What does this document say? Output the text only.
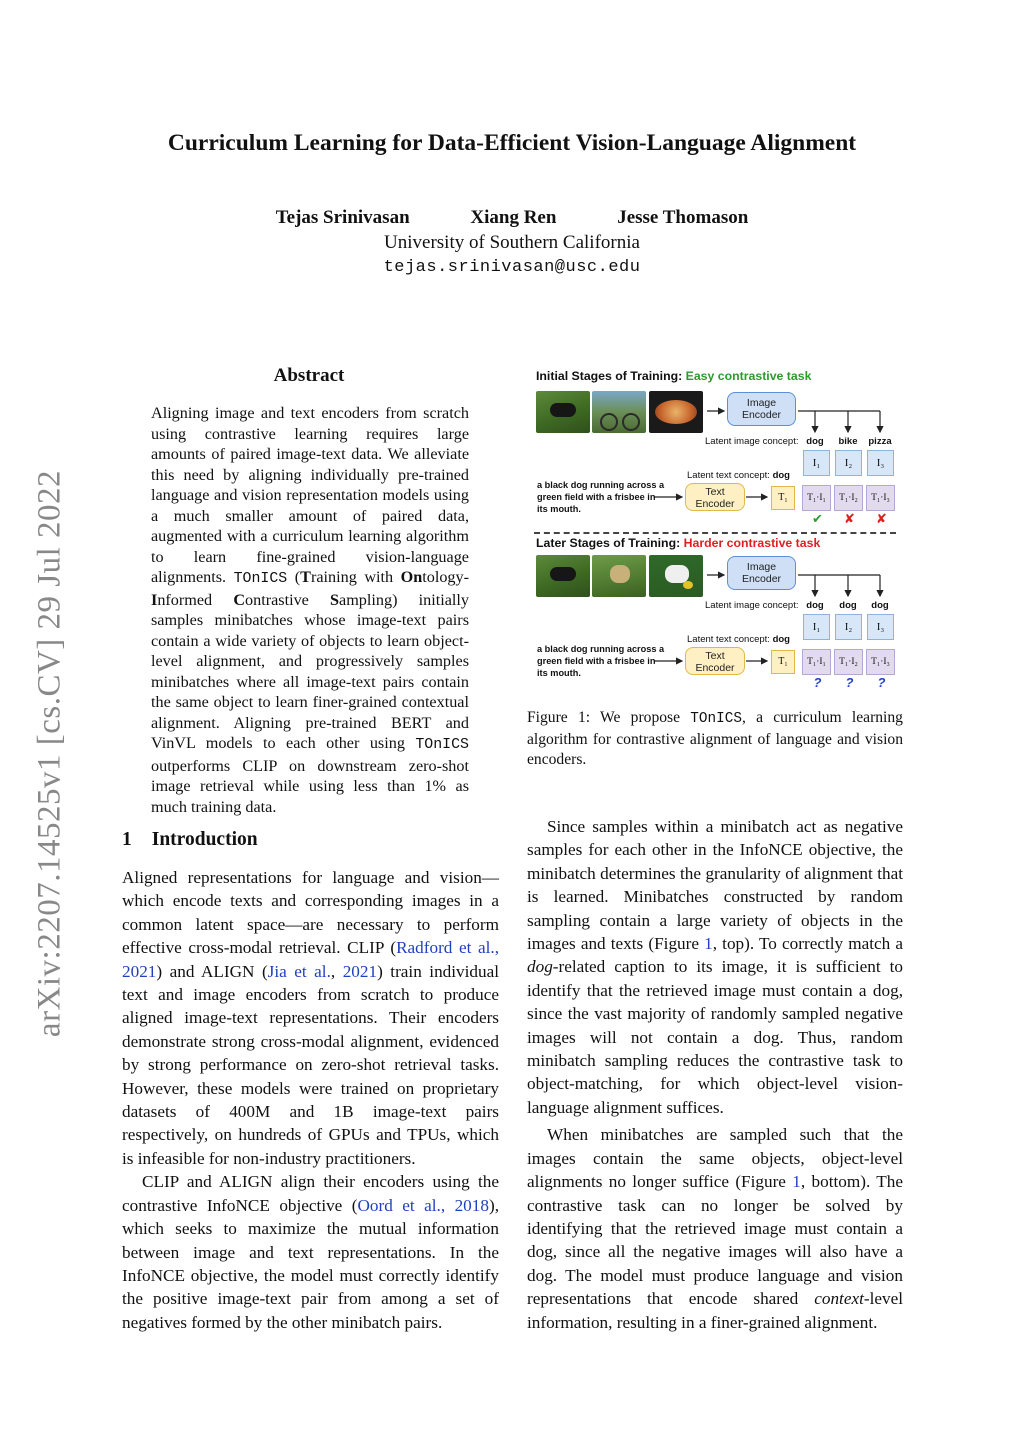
arXiv:2207.14525v1 [cs.CV] 29 Jul 2022
Curriculum Learning for Data-Efficient Vision-Language Alignment
Tejas Srinivasan	Xiang Ren	Jesse Thomason
University of Southern California
tejas.srinivasan@usc.edu
Abstract
Aligning image and text encoders from scratch using contrastive learning requires large amounts of paired image-text data. We alleviate this need by aligning individually pre-trained language and vision representation models using a much smaller amount of paired data, augmented with a curriculum learning algorithm to learn fine-grained vision-language alignments. TOnICS (Training with Ontology-Informed Contrastive Sampling) initially samples minibatches whose image-text pairs contain a wide variety of objects to learn object-level alignment, and progressively samples minibatches where all image-text pairs contain the same object to learn finer-grained contextual alignment. Aligning pre-trained BERT and VinVL models to each other using TOnICS outperforms CLIP on downstream zero-shot image retrieval while using less than 1% as much training data.
1 Introduction

Aligned representations for language and vision—which encode texts and corresponding images in a common latent space—are necessary to perform effective cross-modal retrieval. CLIP (Radford et al., 2021) and ALIGN (Jia et al., 2021) train individual text and image encoders from scratch to produce aligned image-text representations. Their encoders demonstrate strong cross-modal alignment, evidenced by strong performance on zero-shot retrieval tasks. However, these models were trained on proprietary datasets of 400M and 1B image-text pairs respectively, on hundreds of GPUs and TPUs, which is infeasible for non-industry practitioners.

CLIP and ALIGN align their encoders using the contrastive InfoNCE objective (Oord et al., 2018), which seeks to maximize the mutual information between image and text representations. In the InfoNCE objective, the model must correctly identify the positive image-text pair from among a set of negatives formed by the other minibatch pairs.

Since samples within a minibatch act as negative samples for each other in the InfoNCE objective, the minibatch determines the granularity of alignment that is learned. Minibatches constructed by random sampling contain a large variety of objects in the images and texts (Figure 1, top). To correctly match a dog-related caption to its image, it is sufficient to identify that the retrieved image must contain a dog, since the vast majority of randomly sampled negative images will not contain a dog. Thus, random minibatch sampling reduces the contrastive task to object-matching, for which object-level vision-language alignment suffices.

When minibatches are sampled such that the images contain the same objects, object-level alignments no longer suffice (Figure 1, bottom). The contrastive task can no longer be solved by identifying that the retrieved image must contain a dog, since all the negative images will also have a dog. The model must produce language and vision representations that encode shared context-level information, resulting in a finer-grained alignment.

Initial Stages of Training: Easy contrastive task
Image Encoder
Latent image concept: dog	bike	pizza
I₁	I₂	I₃
Latent text concept: dog
a black dog running across a green field with a frisbee in its mouth.
Text Encoder
T₁	T₁·I₁	T₁·I₂	T₁·I₃
✔	✘	✘
Later Stages of Training: Harder contrastive task
Image Encoder
Latent image concept: dog	dog	dog
I₁	I₂	I₃
Latent text concept: dog
a black dog running across a green field with a frisbee in its mouth.
Text Encoder
T₁	T₁·I₁	T₁·I₂	T₁·I₃
?	?	?
Figure 1: We propose TOnICS, a curriculum learning algorithm for contrastive alignment of language and vision encoders.
